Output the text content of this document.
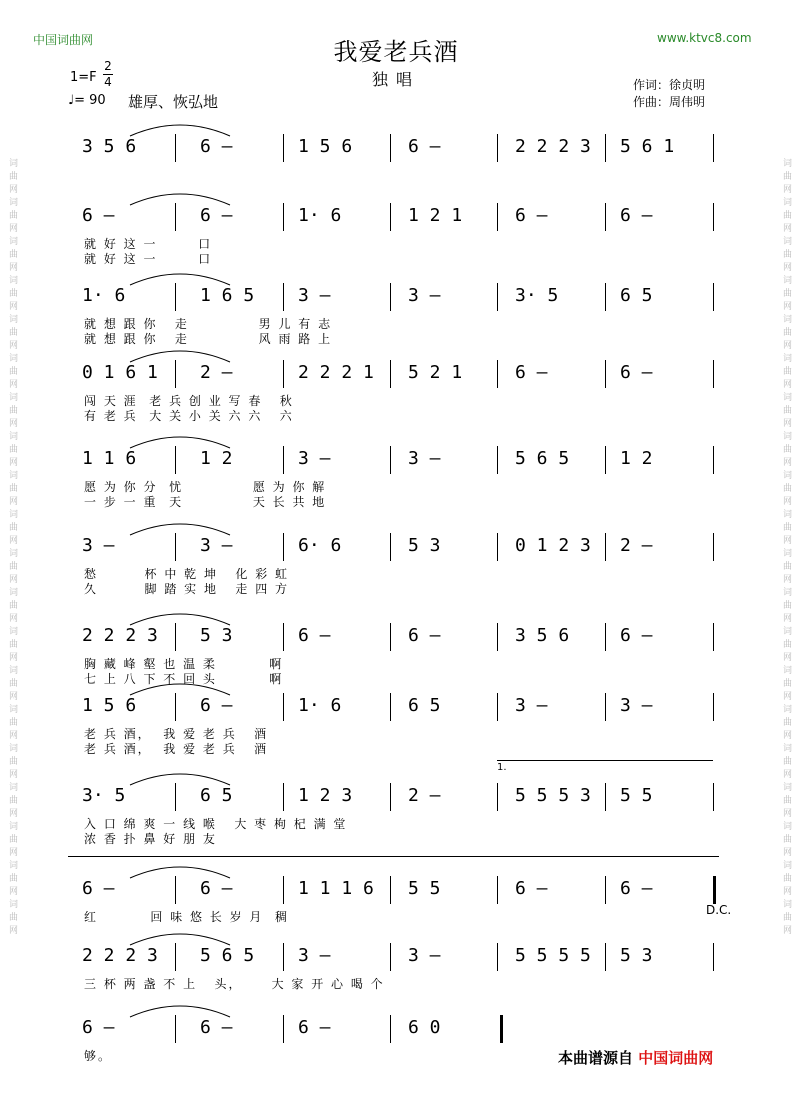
词曲网词曲网词曲网词曲网词曲网词曲网词曲网词曲网词曲网词曲网词曲网词曲网词曲网词曲网词曲网词曲网词曲网词曲网词曲网词曲网	词曲网词曲网词曲网词曲网词曲网词曲网词曲网词曲网词曲网词曲网词曲网词曲网词曲网词曲网词曲网词曲网词曲网词曲网词曲网词曲网
中国词曲网	www.ktvc8.com
我爱老兵酒
独唱
1=F
2
4
♩= 90 雄厚、恢弘地
作词：徐贞明
作曲：周伟明
3 5 6	6 –	1 5 6	6 –	2 2 2 3 5 6 1
6 –	6 –	1· 6	1 2 1	6 –	6 –
就 好 这 一       口
就 好 这 一       口
1· 6	1 6 5 3 –	3 –	3· 5	6 5
就 想 跟 你   走            男 儿 有 志
就 想 跟 你   走            风 雨 路 上
0 1 6 1 2 –	2 2 2 1 5 2 1	6 –	6 –
闯 天 涯  老 兵 创 业 写 春   秋
有 老 兵  大 关 小 关 六 六   六
1 1 6	1 2	3 –	3 –	5 6 5	1 2
愿 为 你 分  忧            愿 为 你 解
一 步 一 重  天            天 长 共 地
3 –	3 –	6· 6	5 3	0 1 2 3 2 –
愁        杯 中 乾 坤   化 彩 虹
久        脚 踏 实 地   走 四 方
2 2 2 3 5 3	6 –	6 –	3 5 6	6 –
胸 藏 峰 壑 也 温 柔         啊
七 上 八 下 不 回 头         啊
1 5 6	6 –	1· 6	6 5	3 –	3 –
老 兵 酒，  我 爱 老 兵   酒
老 兵 酒，  我 爱 老 兵   酒
3· 5	6 5	1 2 3	2 –	5 5 5 3 5 5
入 口 绵 爽 一 线 喉   大 枣 枸 杞 满 堂
浓 香 扑 鼻 好 朋 友
6 –	6 –	1 1 1 6 5 5	6 –	6 –
红         回 味 悠 长 岁 月  稠
2 2 2 3 5 6 5 3 –	3 –	5 5 5 5 5 3
三 杯 两 盏 不 上   头，     大 家 开 心 喝 个
6 –	6 –	6 –	6 0
够。
1.
D.C.
本曲谱源自 中国词曲网
